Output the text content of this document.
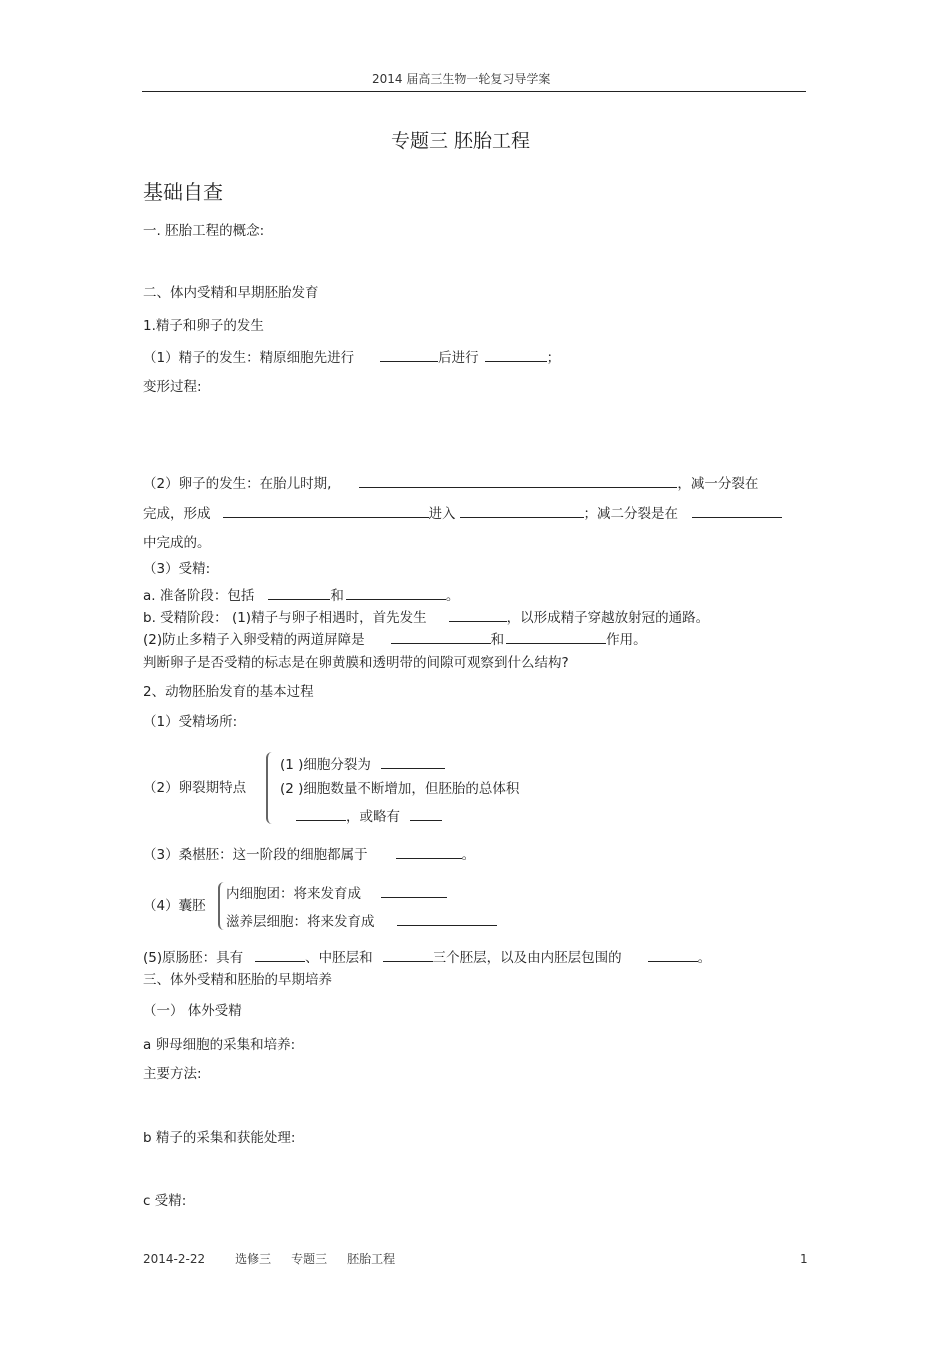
2014 届高三生物一轮复习导学案
专题三 胚胎工程
基础自查
一. 胚胎工程的概念:
二、体内受精和早期胚胎发育
1.精子和卵子的发生
（1）精子的发生：精原细胞先进行	后进行	；
变形过程:
（2）卵子的发生：在胎儿时期,	，减一分裂在
完成，形成	进入	；减二分裂是在
中完成的。
（3）受精:
a. 准备阶段：包括	和	。
b. 受精阶段： (1)精子与卵子相遇时，首先发生	，以形成精子穿越放射冠的通路。
(2)防止多精子入卵受精的两道屏障是	和	作用。
判断卵子是否受精的标志是在卵黄膜和透明带的间隙可观察到什么结构?
2、动物胚胎发育的基本过程
（1）受精场所:
（2）卵裂期特点
(1 )细胞分裂为
(2 )细胞数量不断增加，但胚胎的总体积
，或略有
（3）桑椹胚：这一阶段的细胞都属于	。
（4）囊胚
内细胞团：将来发育成
滋养层细胞：将来发育成
(5)原肠胚：具有	、中胚层和	三个胚层，以及由内胚层包围的	。
三、体外受精和胚胎的早期培养
（一） 体外受精
a 卵母细胞的采集和培养:
主要方法:
b 精子的采集和获能处理:
c 受精:
2014-2-22	选修三 专题三 胚胎工程	1
